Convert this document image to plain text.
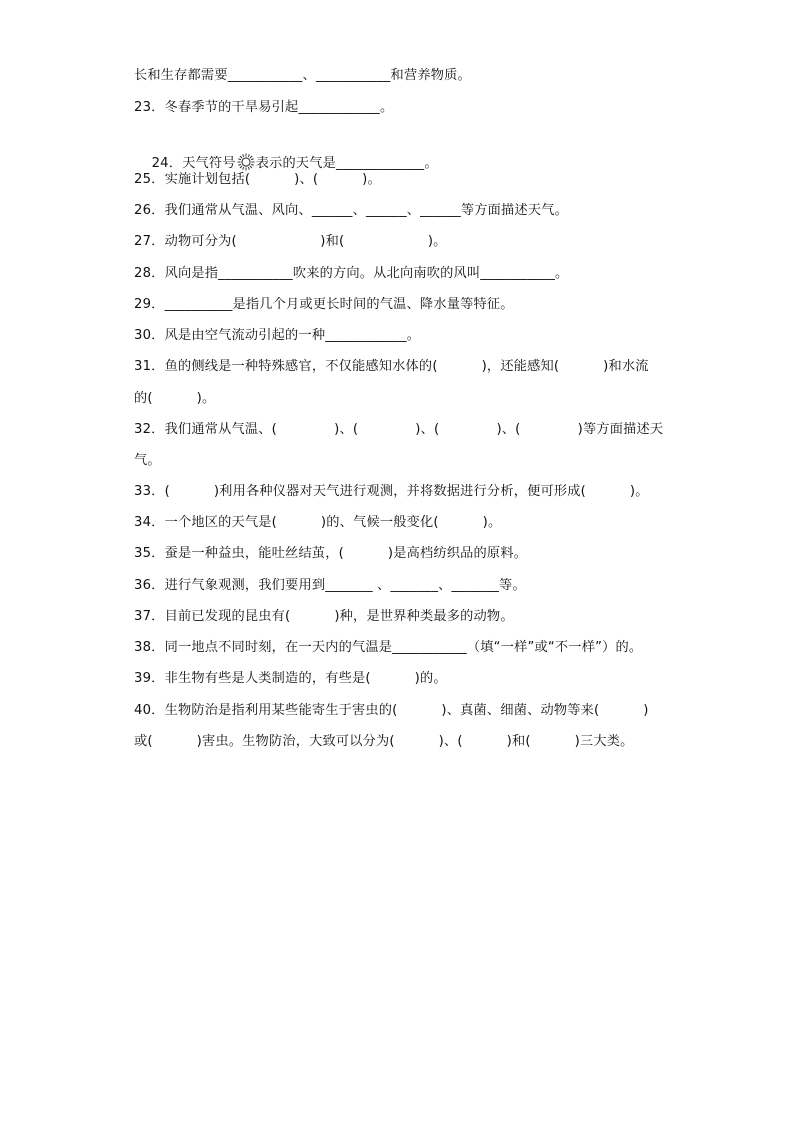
长和生存都需要___________、___________和营养物质。
23．冬春季节的干旱易引起____________。

24．天气符号 表示的天气是_____________。

25．实施计划包括(          )、(          )。
26．我们通常从气温、风向、______、______、______等方面描述天气。
27．动物可分为(                   )和(                   )。
28．风向是指___________吹来的方向。从北向南吹的风叫___________。
29．__________是指几个月或更长时间的气温、降水量等特征。
30．风是由空气流动引起的一种____________。
31．鱼的侧线是一种特殊感官，不仅能感知水体的(          )，还能感知(          )和水流
的(          )。
32．我们通常从气温、(             )、(             )、(             )、(             )等方面描述天
气。
33．(          )利用各种仪器对天气进行观测，并将数据进行分析，便可形成(          )。
34．一个地区的天气是(          )的、气候一般变化(          )。
35．蚕是一种益虫，能吐丝结茧，(          )是高档纺织品的原料。
36．进行气象观测，我们要用到_______ 、_______、_______等。
37．目前已发现的昆虫有(          )种，是世界种类最多的动物。
38．同一地点不同时刻，在一天内的气温是___________（填“一样”或“不一样”）的。
39．非生物有些是人类制造的，有些是(          )的。
40．生物防治是指利用某些能寄生于害虫的(          )、真菌、细菌、动物等来(          )
或(          )害虫。生物防治，大致可以分为(          )、(          )和(          )三大类。
